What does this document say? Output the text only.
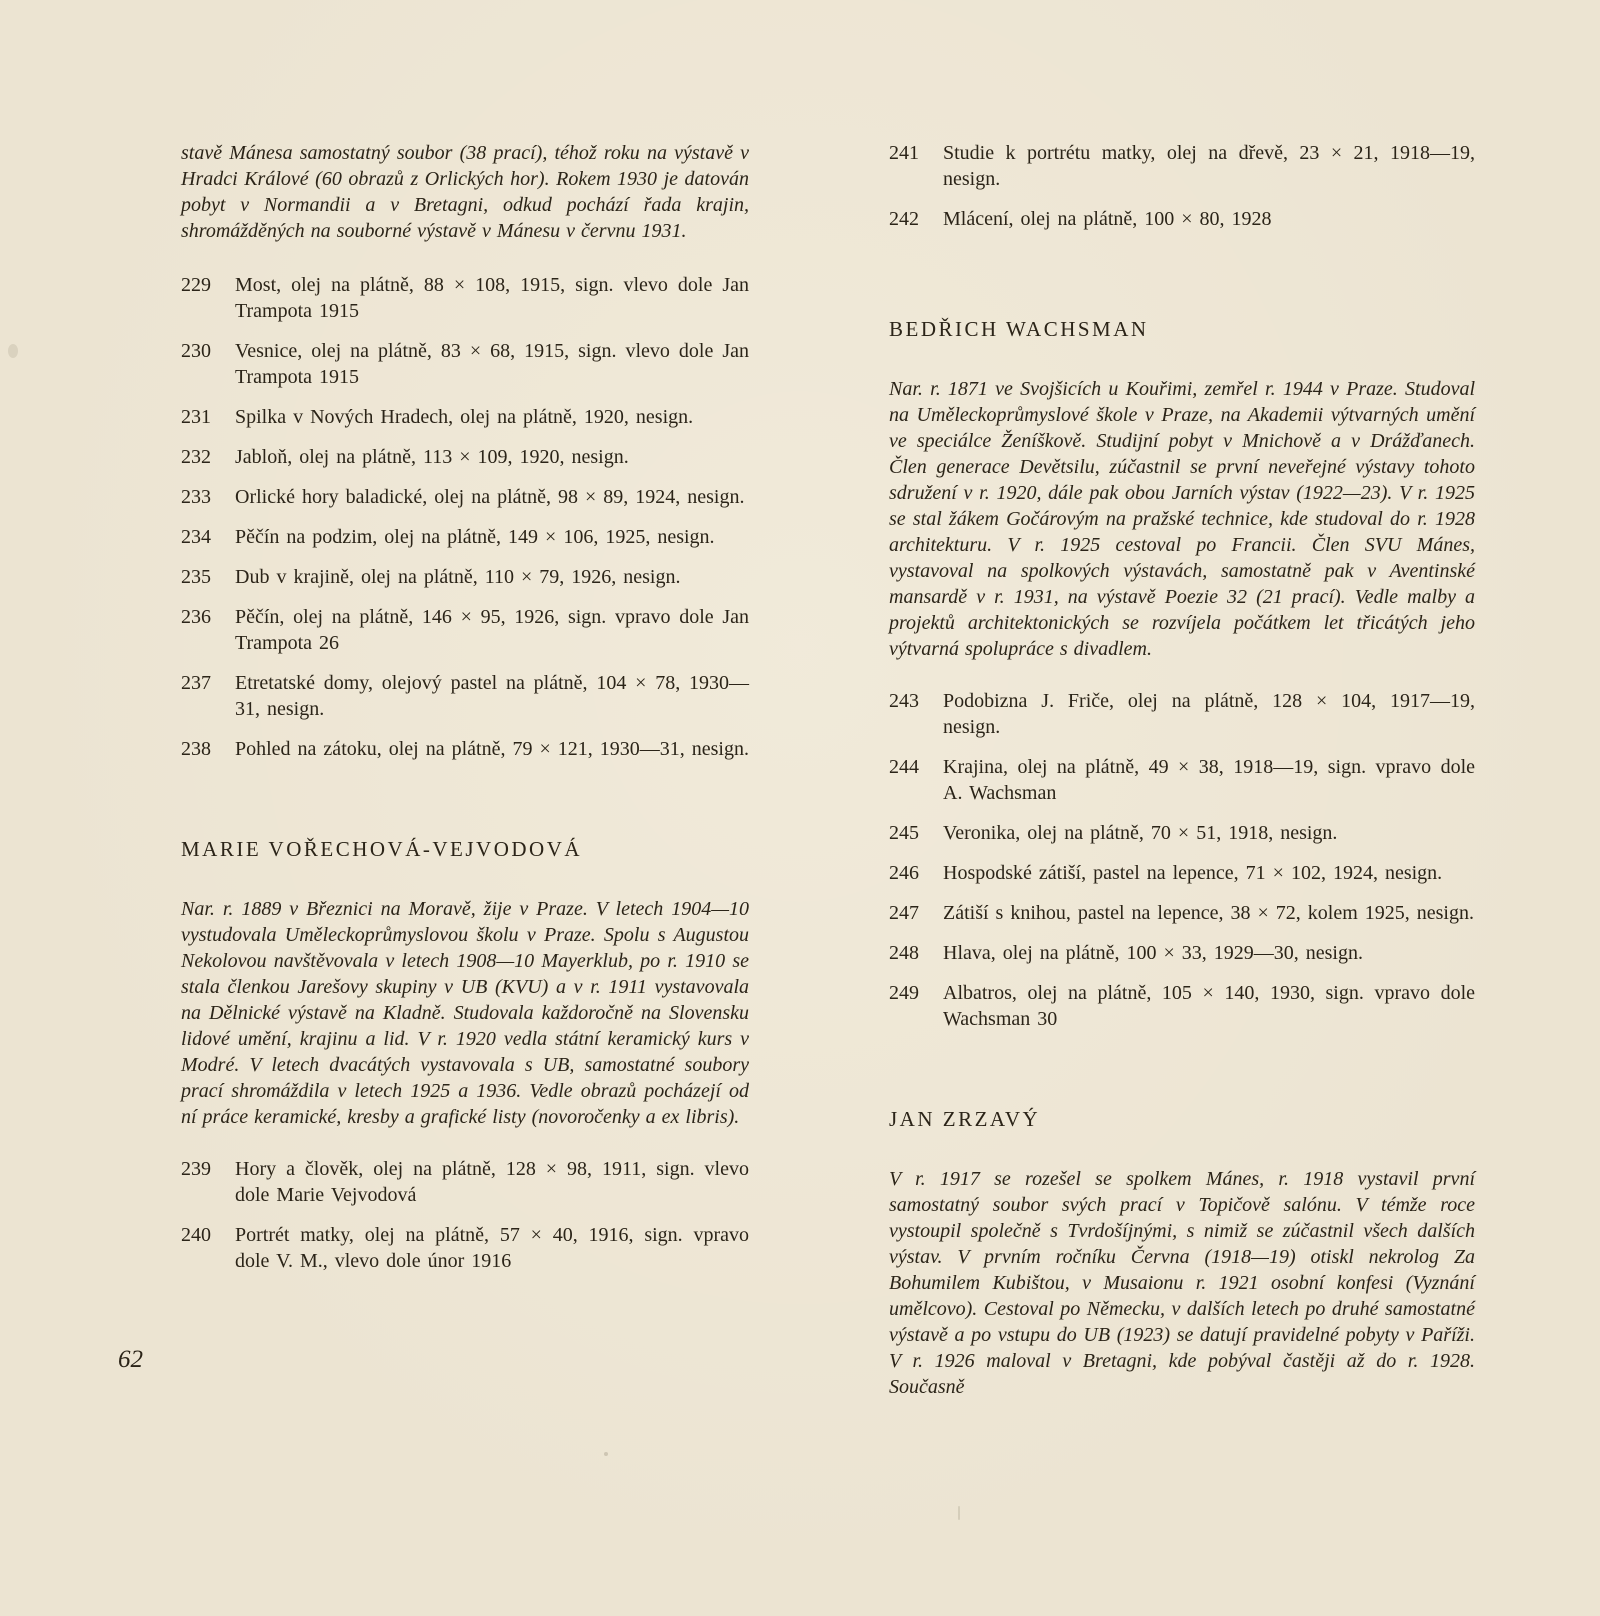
stavě Mánesa samostatný soubor (38 prací), téhož roku na výstavě v Hradci Králové (60 obrazů z Orlických hor). Rokem 1930 je datován pobyt v Normandii a v Bretagni, odkud pochází řada krajin, shromážděných na souborné výstavě v Mánesu v červnu 1931.

229	Most, olej na plátně, 88 × 108, 1915, sign. vlevo dole Jan Trampota 1915
230	Vesnice, olej na plátně, 83 × 68, 1915, sign. vlevo dole Jan Trampota 1915
231	Spilka v Nových Hradech, olej na plátně, 1920, nesign.
232	Jabloň, olej na plátně, 113 × 109, 1920, nesign.
233	Orlické hory baladické, olej na plátně, 98 × 89, 1924, nesign.
234	Pěčín na podzim, olej na plátně, 149 × 106, 1925, nesign.
235	Dub v krajině, olej na plátně, 110 × 79, 1926, nesign.
236	Pěčín, olej na plátně, 146 × 95, 1926, sign. vpravo dole Jan Trampota 26
237	Etretatské domy, olejový pastel na plátně, 104 × 78, 1930—31, nesign.
238	Pohled na zátoku, olej na plátně, 79 × 121, 1930—31, nesign.
MARIE VOŘECHOVÁ-VEJVODOVÁ

Nar. r. 1889 v Březnici na Moravě, žije v Praze. V letech 1904—10 vystudovala Uměleckoprůmyslovou školu v Praze. Spolu s Augustou Nekolovou navštěvovala v letech 1908—10 Mayerklub, po r. 1910 se stala členkou Jarešovy skupiny v UB (KVU) a v r. 1911 vystavovala na Dělnické výstavě na Kladně. Studovala každoročně na Slovensku lidové umění, krajinu a lid. V r. 1920 vedla státní keramický kurs v Modré. V letech dvacátých vystavovala s UB, samostatné soubory prací shromáždila v letech 1925 a 1936. Vedle obrazů pocházejí od ní práce keramické, kresby a grafické listy (novoročenky a ex libris).

239	Hory a člověk, olej na plátně, 128 × 98, 1911, sign. vlevo dole Marie Vejvodová
240	Portrét matky, olej na plátně, 57 × 40, 1916, sign. vpravo dole V. M., vlevo dole únor 1916
241	Studie k portrétu matky, olej na dřevě, 23 × 21, 1918—19, nesign.
242	Mlácení, olej na plátně, 100 × 80, 1928
BEDŘICH WACHSMAN

Nar. r. 1871 ve Svojšicích u Kouřimi, zemřel r. 1944 v Praze. Studoval na Uměleckoprůmyslové škole v Praze, na Akademii výtvarných umění ve speciálce Ženíškově. Studijní pobyt v Mnichově a v Drážďanech. Člen generace Devětsilu, zúčastnil se první neveřejné výstavy tohoto sdružení v r. 1920, dále pak obou Jarních výstav (1922—23). V r. 1925 se stal žákem Gočárovým na pražské technice, kde studoval do r. 1928 architekturu. V r. 1925 cestoval po Francii. Člen SVU Mánes, vystavoval na spolkových výstavách, samostatně pak v Aventinské mansardě v r. 1931, na výstavě Poezie 32 (21 prací). Vedle malby a projektů architektonických se rozvíjela počátkem let třicátých jeho výtvarná spolupráce s divadlem.

243	Podobizna J. Friče, olej na plátně, 128 × 104, 1917—19, nesign.
244	Krajina, olej na plátně, 49 × 38, 1918—19, sign. vpravo dole A. Wachsman
245	Veronika, olej na plátně, 70 × 51, 1918, nesign.
246	Hospodské zátiší, pastel na lepence, 71 × 102, 1924, nesign.
247	Zátiší s knihou, pastel na lepence, 38 × 72, kolem 1925, nesign.
248	Hlava, olej na plátně, 100 × 33, 1929—30, nesign.
249	Albatros, olej na plátně, 105 × 140, 1930, sign. vpravo dole Wachsman 30
JAN ZRZAVÝ

V r. 1917 se rozešel se spolkem Mánes, r. 1918 vystavil první samostatný soubor svých prací v Topičově salónu. V témže roce vystoupil společně s Tvrdošíjnými, s nimiž se zúčastnil všech dalších výstav. V prvním ročníku Června (1918—19) otiskl nekrolog Za Bohumilem Kubištou, v Musaionu r. 1921 osobní konfesi (Vyznání umělcovo). Cestoval po Německu, v dalších letech po druhé samostatné výstavě a po vstupu do UB (1923) se datují pravidelné pobyty v Paříži. V r. 1926 maloval v Bretagni, kde pobýval častěji až do r. 1928. Současně

62
